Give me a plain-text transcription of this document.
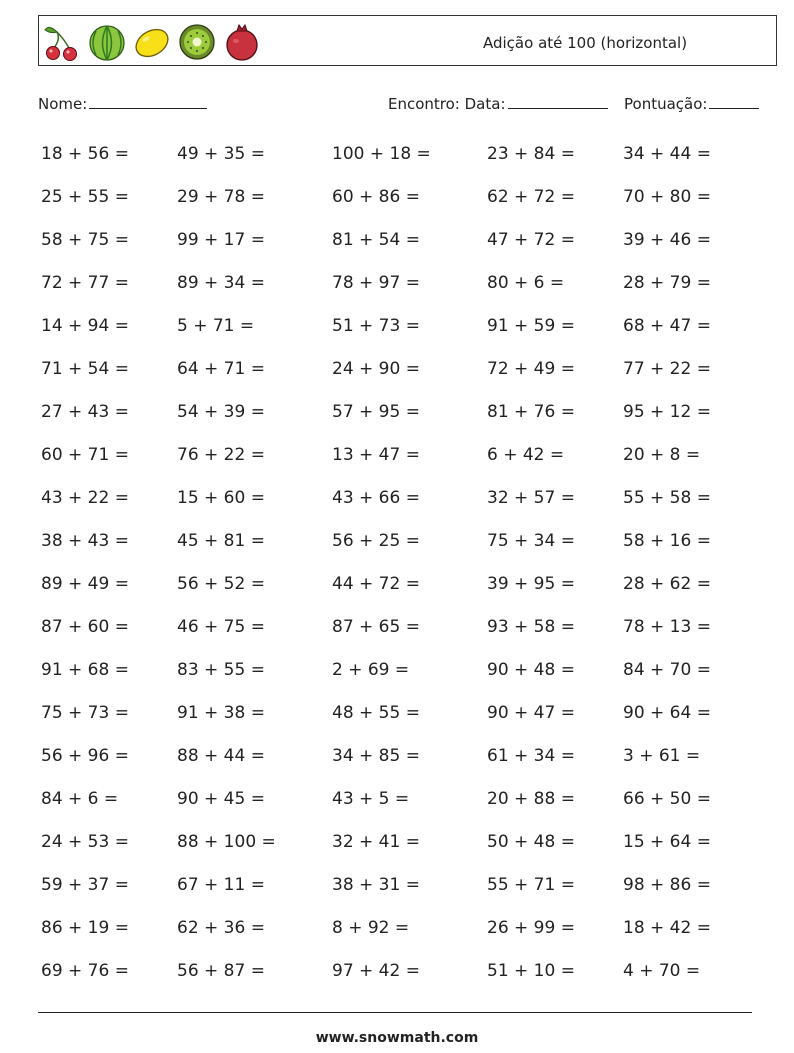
Adição até 100 (horizontal)
Nome:	Encontro: Data:	Pontuação:
18 + 56 =	49 + 35 =	100 + 18 =	23 + 84 =	34 + 44 =
25 + 55 =	29 + 78 =	60 + 86 =	62 + 72 =	70 + 80 =
58 + 75 =	99 + 17 =	81 + 54 =	47 + 72 =	39 + 46 =
72 + 77 =	89 + 34 =	78 + 97 =	80 + 6 =	28 + 79 =
14 + 94 =	5 + 71 =	51 + 73 =	91 + 59 =	68 + 47 =
71 + 54 =	64 + 71 =	24 + 90 =	72 + 49 =	77 + 22 =
27 + 43 =	54 + 39 =	57 + 95 =	81 + 76 =	95 + 12 =
60 + 71 =	76 + 22 =	13 + 47 =	6 + 42 =	20 + 8 =
43 + 22 =	15 + 60 =	43 + 66 =	32 + 57 =	55 + 58 =
38 + 43 =	45 + 81 =	56 + 25 =	75 + 34 =	58 + 16 =
89 + 49 =	56 + 52 =	44 + 72 =	39 + 95 =	28 + 62 =
87 + 60 =	46 + 75 =	87 + 65 =	93 + 58 =	78 + 13 =
91 + 68 =	83 + 55 =	2 + 69 =	90 + 48 =	84 + 70 =
75 + 73 =	91 + 38 =	48 + 55 =	90 + 47 =	90 + 64 =
56 + 96 =	88 + 44 =	34 + 85 =	61 + 34 =	3 + 61 =
84 + 6 =	90 + 45 =	43 + 5 =	20 + 88 =	66 + 50 =
24 + 53 =	88 + 100 =	32 + 41 =	50 + 48 =	15 + 64 =
59 + 37 =	67 + 11 =	38 + 31 =	55 + 71 =	98 + 86 =
86 + 19 =	62 + 36 =	8 + 92 =	26 + 99 =	18 + 42 =
69 + 76 =	56 + 87 =	97 + 42 =	51 + 10 =	4 + 70 =
www.snowmath.com
